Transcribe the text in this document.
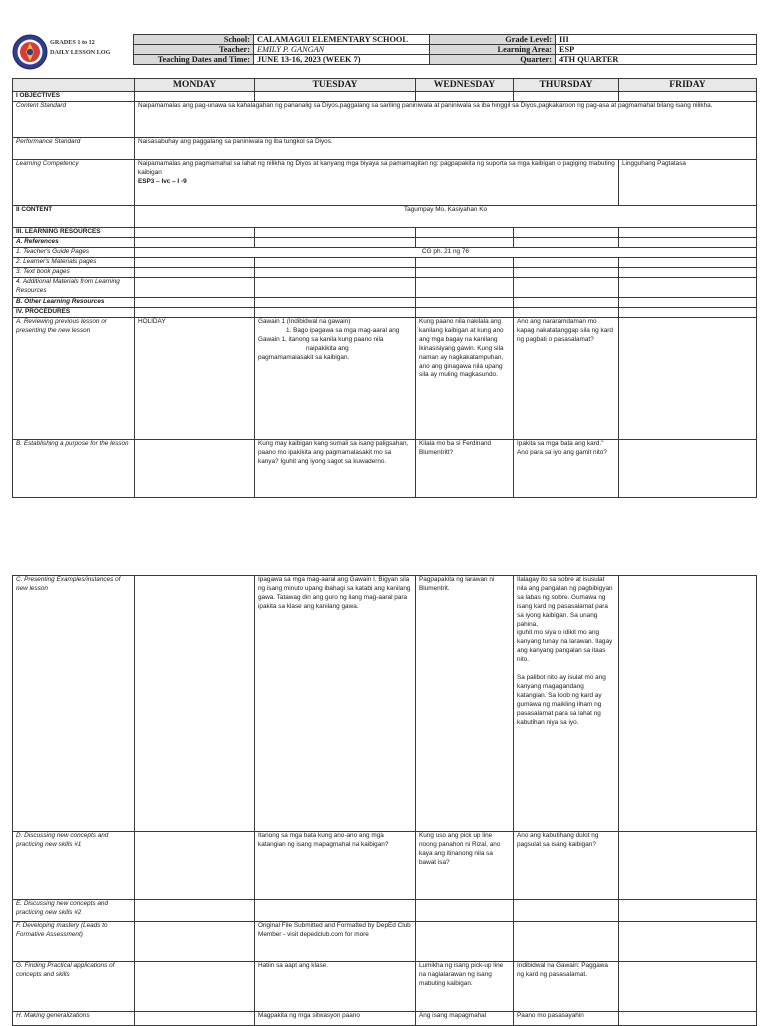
GRADES 1 to 12
DAILY LESSON LOG
School:	CALAMAGUI ELEMENTARY SCHOOL	Grade Level:	III
Teacher:	EMILY P. GANGAN	Learning Area:	ESP
Teaching Dates and Time:	JUNE 13-16, 2023 (WEEK 7)	Quarter:	4TH QUARTER
	MONDAY	TUESDAY	WEDNESDAY	THURSDAY	FRIDAY
I OBJECTIVES					
Content Standard	Naipamamalas ang pag-unawa sa kahalagahan ng pananalig sa Diyos,paggalang sa sariling paniniwala at paniniwala sa iba hinggil sa Diyos,pagkakaroon ng pag-asa at pagmamahal bilang isang nilikha.				
Performance Standard	Naisasabuhay ang paggalang sa paniniwala ng iba tungkol sa Diyos.				
Learning Competency	Naipamamalas ang pagmamahal sa lahat ng nilikha ng Diyos at kanyang mga biyaya sa pamamagitan ng: pagpapakita ng suporta sa mga kaibigan o pagiging mabuting kaibigan
ESP3 – Ivc – I -9				Lingguhang Pagtatasa
II CONTENT	Tagumpay Mo, Kasiyahan Ko				
III. LEARNING RESOURCES					
A. References					
1. Teacher's Guide Pages	CG ph. 21 ng 76				
2. Learner's Materials pages					
3. Text book pages					
4. Additional Materials from Learning Resources					
B. Other Learning Resources					
IV. PROCEDURES					
A. Reviewing previous lesson or presenting the new lesson	HOLIDAY	Gawain 1 (Indibidwal na gawain)
1. Bago ipagawa sa mga mag-aaral ang Gawain 1, itanong sa kanila kung paano nila
naipakikita ang
pagmamamalasakit sa kaibigan.	Kung paano nila nakilala ang kanilang kaibigan at kung ano ang mga bagay na kanilang ikinasisiyang gawin. Kung sila naman ay nagkakatampuhan, ano ang ginagawa nila upang sila ay muling magkasundo.	Ano ang nararamdaman mo kapag nakatatanggap sila ng kard ng pagbati o pasasalamat?	
B. Establishing a purpose for the lesson		Kung may kaibigan kang sumali sa isang paligsahan, paano mo ipakikita ang pagmamalasakit mo sa kanya? Iguhit ang iyong sagot sa kuwaderno.	Kilala mo ba si Ferdinand Blumentritt?	Ipakita sa mga bata ang kard." Ano para sa iyo ang gamit nito?	
C. Presenting Examples/instances of new lesson		Ipagawa sa mga mag-aaral ang Gawain I. Bigyan sila ng isang minuto upang ibahagi sa katabi ang kanilang gawa. Tatawag din ang guro ng ilang mag-aaral para ipakita sa klase ang kanilang gawa.	Pagpapakita ng larawan ni Blumentrit.	Ilalagay ito sa sobre at isusulat nila ang pangalan ng pagbibigyan sa labas ng sobre. Gumawa ng isang kard ng pasasalamat para sa iyong kaibigan. Sa unang pahina,
iguhit mo siya o idikit mo ang kanyang tunay na larawan. Ilagay ang kanyang pangalan sa itaas nito.
Sa palibot nito ay isulat mo ang kanyang magagandang katangian. Sa loob ng kard ay gumawa ng maikling liham ng pasasalamat para sa lahat ng
kabutihan niya sa iyo.	

D. Discussing new concepts and practicing new skills #1		Itanong sa mga bata kung ano-ano ang mga katangian ng isang mapagmahal na kaibigan?	Kung uso ang pick up line noong panahon ni Rizal, ano kaya ang itinanong nila sa bawat isa?	Ano ang kabutihang dulot ng pagsulat sa isang kaibigan?	
E. Discussing new concepts and practicing new skills #2					
F. Developing mastery (Leads to Formative Assessment)		Original File Submitted and Formatted by DepEd Club Member - visit depedclub.com for more			
G. Finding Practical applications of concepts and skills		Hatiin sa aapt ang klase.	Lumikha ng isang pick-up line na naglalarawan ng isang mabuting kaibigan.	Indibidwal na Gawain: Paggawa ng kard ng pasasalamat.	
H. Making generalizations		Magpakita ng mga sitwasyon paano	Ang isang mapagmahal	Paano mo pasasayahin	
